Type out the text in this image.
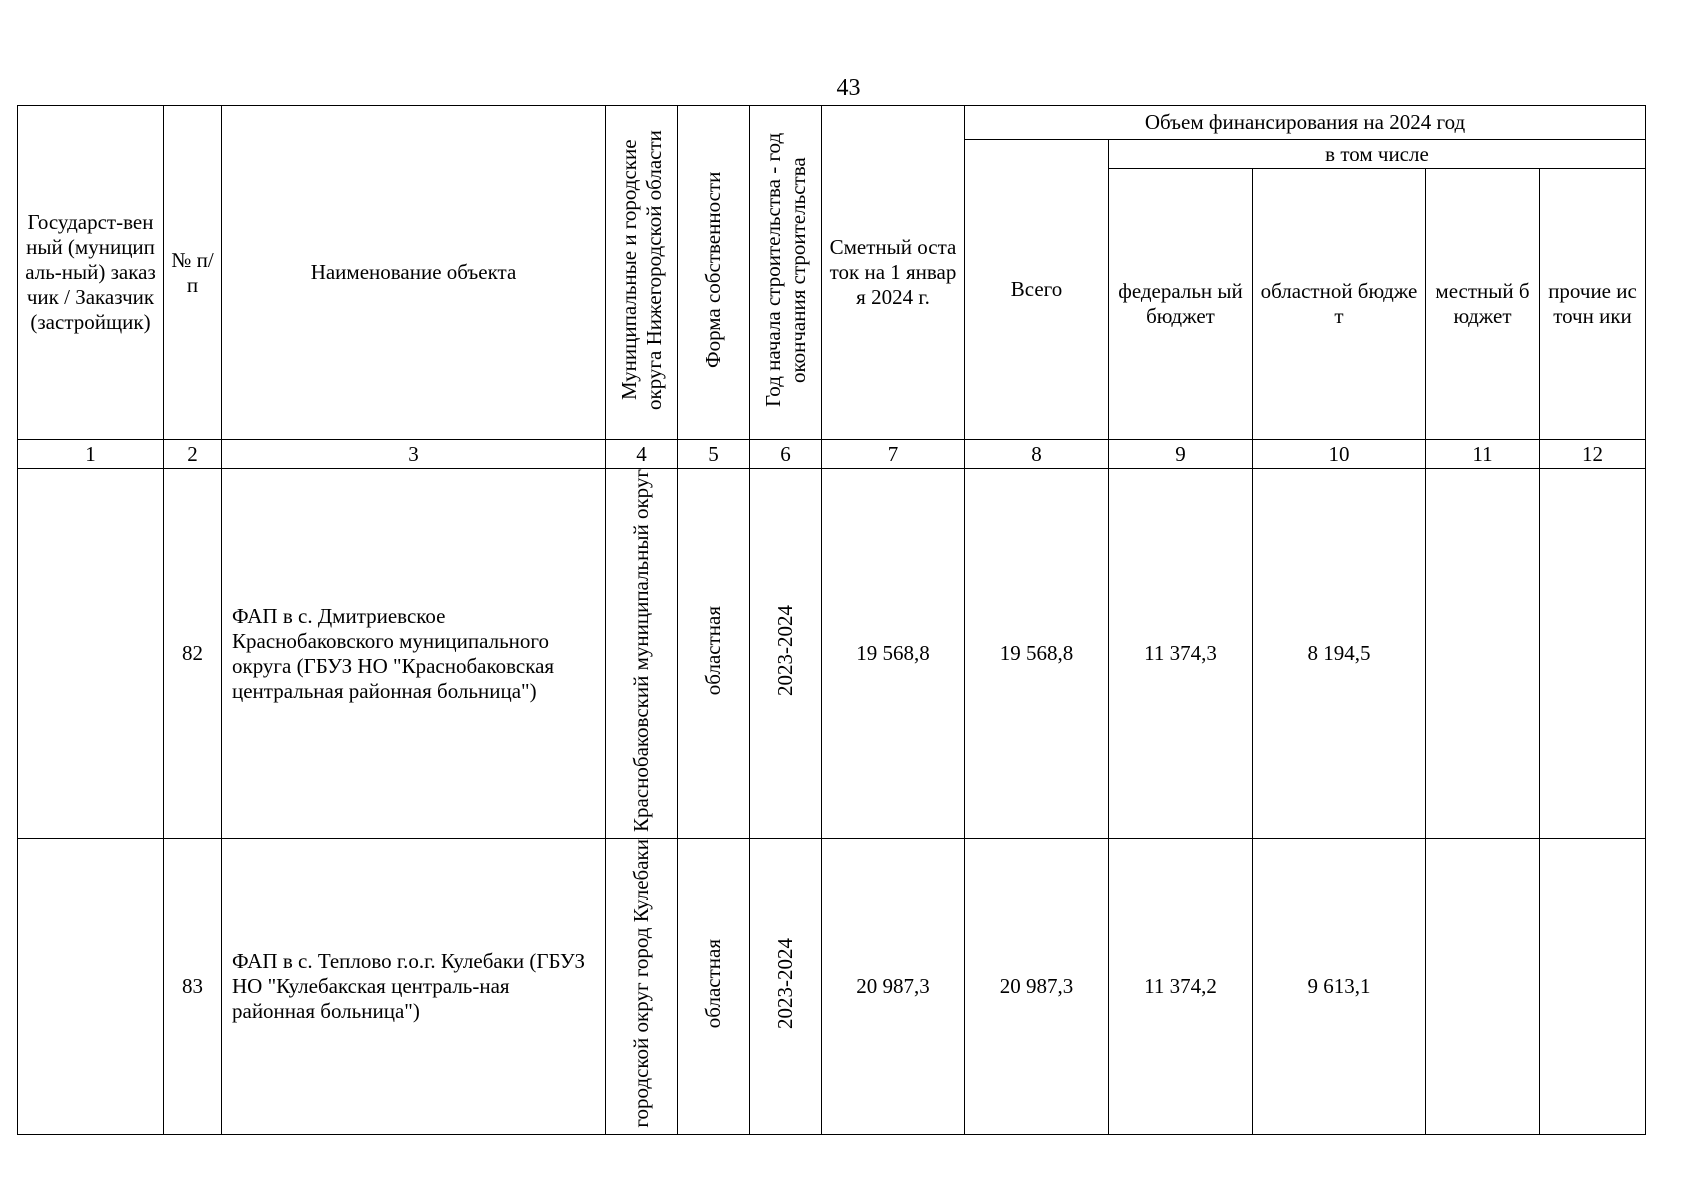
43
Государст-венный (муниципаль-ный) заказчик / Заказчик (застройщик)	№ п/п	Наименование объекта	Муниципальные и городские округа Нижегородской области	Форма собственности	Год начала строительства - год окончания строительства	Сметный остаток на 1 января 2024 г.	Объем финансирования на 2024 год				
							Всего	в том числе			

								федеральн ый бюджет	областной бюджет	местный бюджет	прочие источн ики

1	2	3	4	5	6	7	8	9	10	11	12
	82	ФАП в с. Дмитриевское Краснобаковского муниципального округа (ГБУЗ НО "Краснобаковская центральная районная больница")	Краснобаковский муниципальный округ	областная	2023-2024	19 568,8	19 568,8	11 374,3	8 194,5		
	83	ФАП в с. Теплово г.о.г. Кулебаки (ГБУЗ НО "Кулебакская централь-ная районная больница")	городской округ город Кулебаки	областная	2023-2024	20 987,3	20 987,3	11 374,2	9 613,1		
